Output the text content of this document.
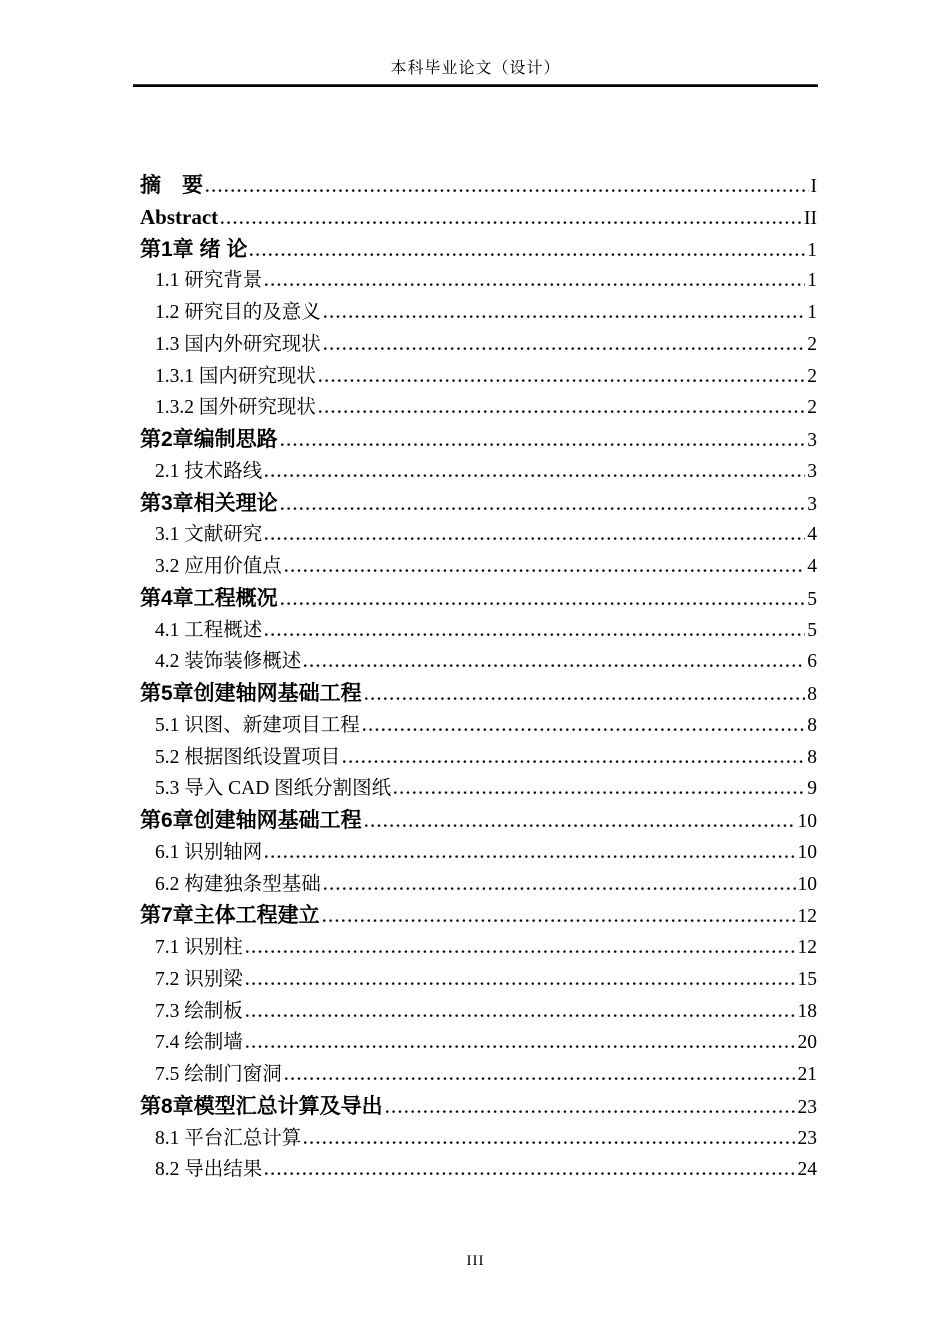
本科毕业论文（设计）
摘　要	I
Abstract	II
第1章 绪 论	1
1.1 研究背景	1
1.2 研究目的及意义	1
1.3 国内外研究现状	2
1.3.1 国内研究现状	2
1.3.2 国外研究现状	2
第2章编制思路	3
2.1 技术路线	3
第3章相关理论	3
3.1 文献研究	4
3.2 应用价值点	4
第4章工程概况	5
4.1 工程概述	5
4.2 装饰装修概述	6
第5章创建轴网基础工程	8
5.1 识图、新建项目工程	8
5.2 根据图纸设置项目	8
5.3 导入 CAD 图纸分割图纸	9
第6章创建轴网基础工程	10
6.1 识别轴网	10
6.2 构建独条型基础	10
第7章主体工程建立	12
7.1 识别柱	12
7.2 识别梁	15
7.3 绘制板	18
7.4 绘制墙	20
7.5 绘制门窗洞	21
第8章模型汇总计算及导出	23
8.1 平台汇总计算	23
8.2 导出结果	24
III
